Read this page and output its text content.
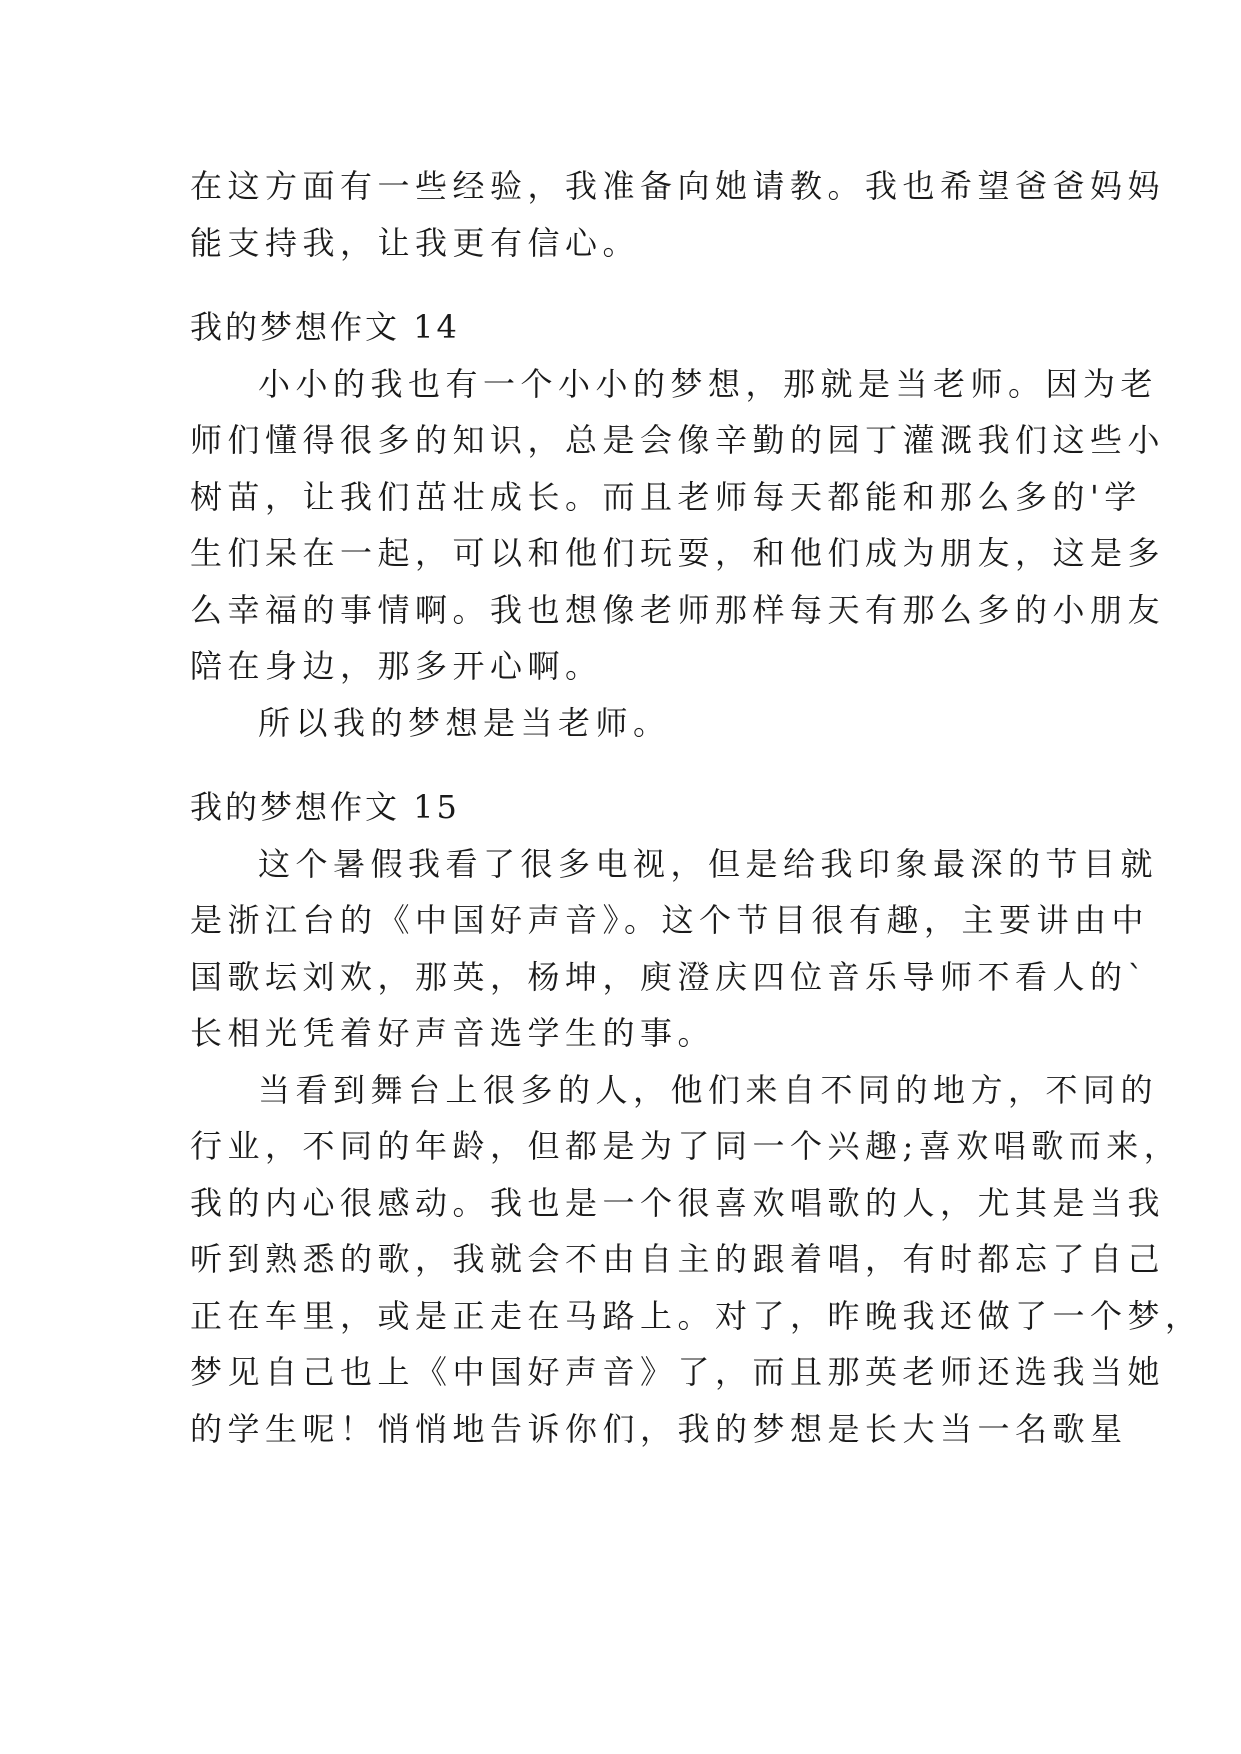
在这方面有一些经验，我准备向她请教。我也希望爸爸妈妈
能支持我，让我更有信心。
我的梦想作文 14
小小的我也有一个小小的梦想，那就是当老师。因为老
师们懂得很多的知识，总是会像辛勤的园丁灌溉我们这些小
树苗，让我们茁壮成长。而且老师每天都能和那么多的'学
生们呆在一起，可以和他们玩耍，和他们成为朋友，这是多
么幸福的事情啊。我也想像老师那样每天有那么多的小朋友
陪在身边，那多开心啊。
所以我的梦想是当老师。
我的梦想作文 15
这个暑假我看了很多电视，但是给我印象最深的节目就
是浙江台的《中国好声音》。这个节目很有趣，主要讲由中
国歌坛刘欢，那英，杨坤，庾澄庆四位音乐导师不看人的`
长相光凭着好声音选学生的事。
当看到舞台上很多的人，他们来自不同的地方，不同的
行业，不同的年龄，但都是为了同一个兴趣;喜欢唱歌而来，
我的内心很感动。我也是一个很喜欢唱歌的人，尤其是当我
听到熟悉的歌，我就会不由自主的跟着唱，有时都忘了自己
正在车里，或是正走在马路上。对了，昨晚我还做了一个梦，
梦见自己也上《中国好声音》了，而且那英老师还选我当她
的学生呢！悄悄地告诉你们，我的梦想是长大当一名歌星
